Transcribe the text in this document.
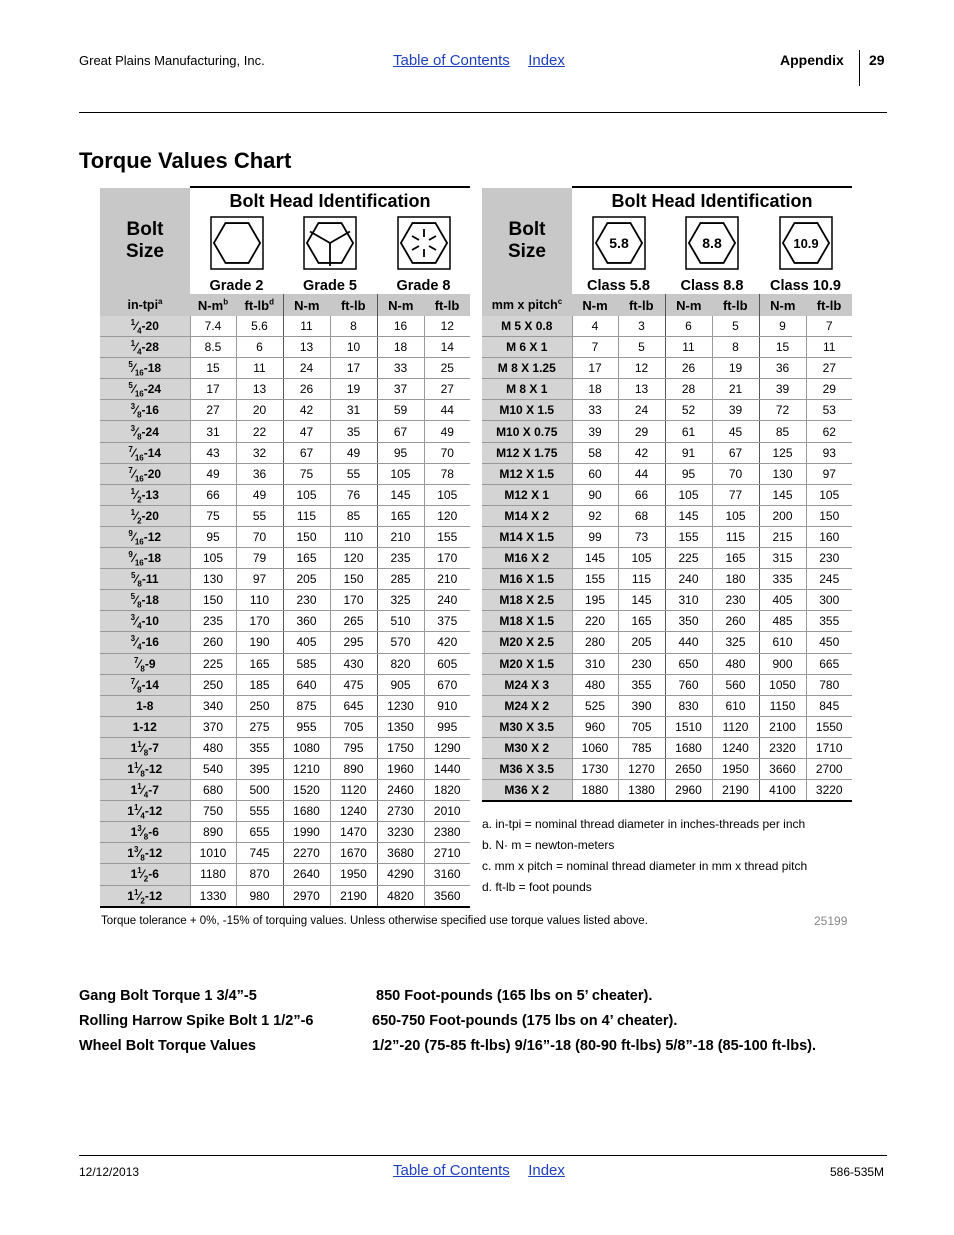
Great Plains Manufacturing, Inc.	Table of Contents Index	Appendix 29
Torque Values Chart
Bolt
Size	Bolt Head Identification					

	Grade 2		Grade 5		Grade 8	
in-tpi$^a$	$N-m^b$	$ft-lb^d$	N-m	ft-lb	N-m	ft-lb
$^1⁄_4-20$	7.4	5.6	11	8	16	12
$^1⁄_4-28$	8.5	6	13	10	18	14
$^5⁄_{16}-18$	15	11	24	17	33	25
$^5⁄_{16}-24$	17	13	26	19	37	27
$^3⁄_8-16$	27	20	42	31	59	44
$^3⁄_8-24$	31	22	47	35	67	49
$^7⁄_{16}-14$	43	32	67	49	95	70
$^7⁄_{16}-20$	49	36	75	55	105	78
$^1⁄_2-13$	66	49	105	76	145	105
$^1⁄_2-20$	75	55	115	85	165	120
$^9⁄_{16}-12$	95	70	150	110	210	155
$^9⁄_{16}-18$	105	79	165	120	235	170
$^5⁄_8-11$	130	97	205	150	285	210
$^5⁄_8-18$	150	110	230	170	325	240
$^3⁄_4-10$	235	170	360	265	510	375
$^3⁄_4-16$	260	190	405	295	570	420
$^7⁄_8-9$	225	165	585	430	820	605
$^7⁄_8-14$	250	185	640	475	905	670
1-8	340	250	875	645	1230	910
1-12	370	275	955	705	1350	995
$1^1⁄_8-7$	480	355	1080	795	1750	1290
$1^1⁄_8-12$	540	395	1210	890	1960	1440
$1^1⁄_4-7$	680	500	1520	1120	2460	1820
$1^1⁄_4-12$	750	555	1680	1240	2730	2010
$1^3⁄_8-6$	890	655	1990	1470	3230	2380
$1^3⁄_8-12$	1010	745	2270	1670	3680	2710
$1^1⁄_2-6$	1180	870	2640	1950	4290	3160
$1^1⁄_2-12$	1330	980	2970	2190	4820	3560
Bolt
Size	Bolt Head Identification					

5.8		8.8		10.9	

	Class 5.8		Class 8.8		Class 10.9	
mm x pitch$^c$	N-m	ft-lb	N-m	ft-lb	N-m	ft-lb
M 5 X 0.8	4	3	6	5	9	7
M 6 X 1	7	5	11	8	15	11
M 8 X 1.25	17	12	26	19	36	27
M 8 X 1	18	13	28	21	39	29
M10 X 1.5	33	24	52	39	72	53
M10 X 0.75	39	29	61	45	85	62
M12 X 1.75	58	42	91	67	125	93
M12 X 1.5	60	44	95	70	130	97
M12 X 1	90	66	105	77	145	105
M14 X 2	92	68	145	105	200	150
M14 X 1.5	99	73	155	115	215	160
M16 X 2	145	105	225	165	315	230
M16 X 1.5	155	115	240	180	335	245
M18 X 2.5	195	145	310	230	405	300
M18 X 1.5	220	165	350	260	485	355
M20 X 2.5	280	205	440	325	610	450
M20 X 1.5	310	230	650	480	900	665
M24 X 3	480	355	760	560	1050	780
M24 X 2	525	390	830	610	1150	845
M30 X 3.5	960	705	1510	1120	2100	1550
M30 X 2	1060	785	1680	1240	2320	1710
M36 X 3.5	1730	1270	2650	1950	3660	2700
M36 X 2	1880	1380	2960	2190	4100	3220
a. in-tpi = nominal thread diameter in inches-threads per inch
b. N· m = newton-meters
c. mm x pitch = nominal thread diameter in mm x thread pitch
d. ft-lb = foot pounds
Torque tolerance + 0%, -15% of torquing values. Unless otherwise specified use torque values listed above.	25199
Gang Bolt Torque 1 3/4”-5	850 Foot-pounds (165 lbs on 5’ cheater).
Rolling Harrow Spike Bolt 1 1/2”-6	650-750 Foot-pounds (175 lbs on 4’ cheater).
Wheel Bolt Torque Values	1/2”-20 (75-85 ft-lbs) 9/16”-18 (80-90 ft-lbs) 5/8”-18 (85-100 ft-lbs).
12/12/2013	Table of Contents Index	586-535M
